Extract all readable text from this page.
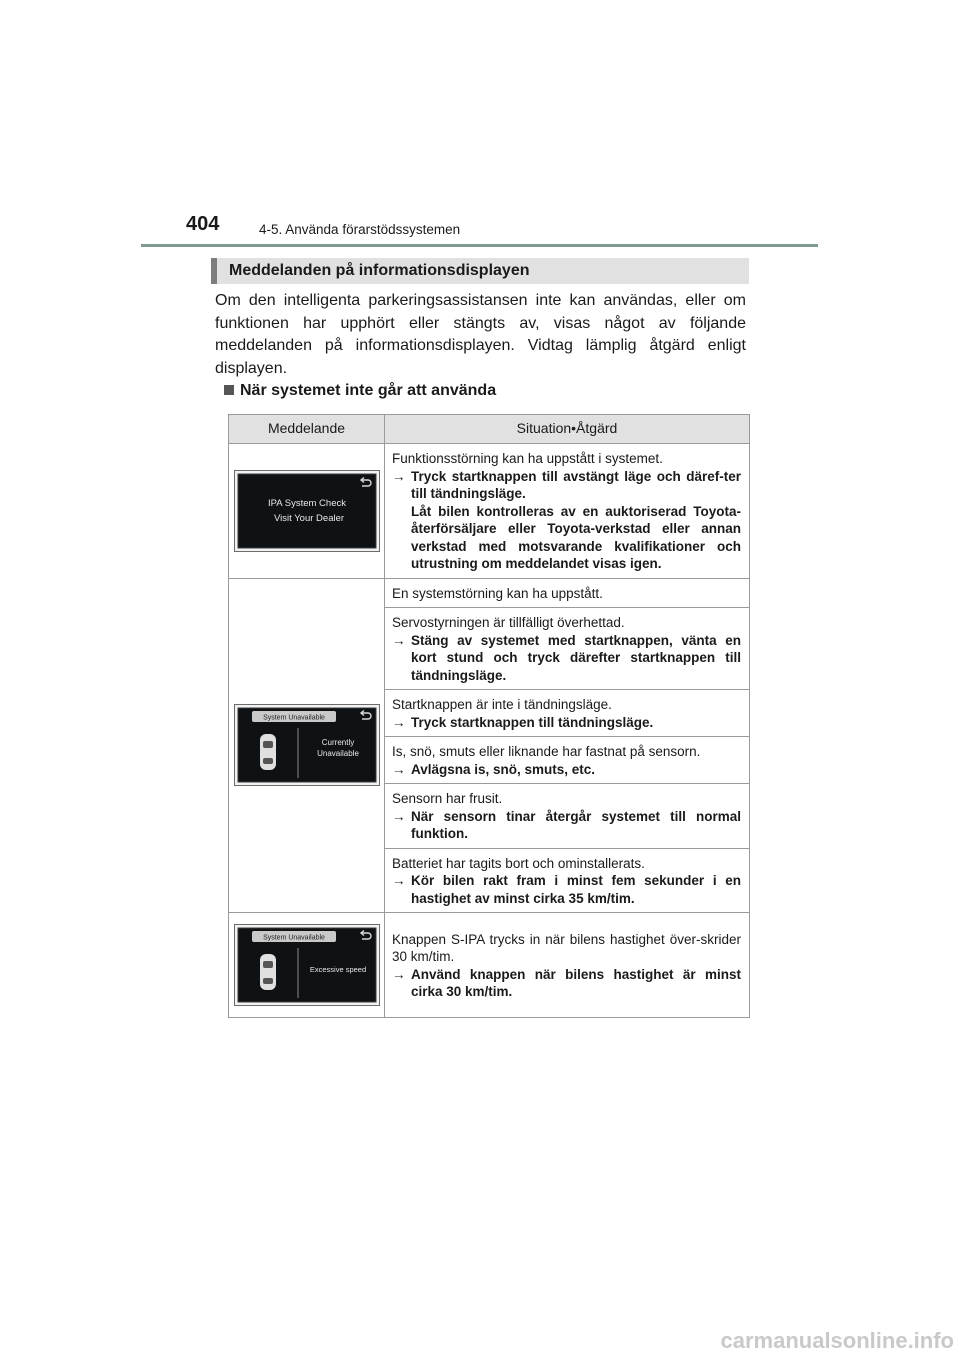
404	4-5. Använda förarstödssystemen
Meddelanden på informationsdisplayen

Om den intelligenta parkeringsassistansen inte kan användas, eller om funktionen har upphört eller stängts av, visas något av följande meddelanden på informationsdisplayen. Vidtag lämplig åtgärd enligt displayen.

När systemet inte går att använda
Meddelande	Situation•Åtgärd

IPA System Check
Visit Your Dealer	Funktionsstörning kan ha uppstått i systemet.
→ Tryck startknappen till avstängt läge och däref-ter till tändningsläge.
Låt bilen kontrolleras av en auktoriserad Toyota-återförsäljare eller Toyota-verkstad eller annan verkstad med motsvarande kvalifikationer och utrustning om meddelandet visas igen.

System Unavailable
Currently
Unavailable	En systemstörning kan ha uppstått.

	Servostyrningen är tillfälligt överhettad.
→ Stäng av systemet med startknappen, vänta en kort stund och tryck därefter startknappen till tändningsläge.

	Startknappen är inte i tändningsläge.
→ Tryck startknappen till tändningsläge.

	Is, snö, smuts eller liknande har fastnat på sensorn.
→ Avlägsna is, snö, smuts, etc.

	Sensorn har frusit.
→ När sensorn tinar återgår systemet till normal funktion.

	Batteriet har tagits bort och ominstallerats.
→ Kör bilen rakt fram i minst fem sekunder i en hastighet av minst cirka 35 km/tim.

System Unavailable
Excessive speed	Knappen S-IPA trycks in när bilens hastighet över-skrider 30 km/tim.
→ Använd knappen när bilens hastighet är minst cirka 30 km/tim.
carmanualsonline.info
